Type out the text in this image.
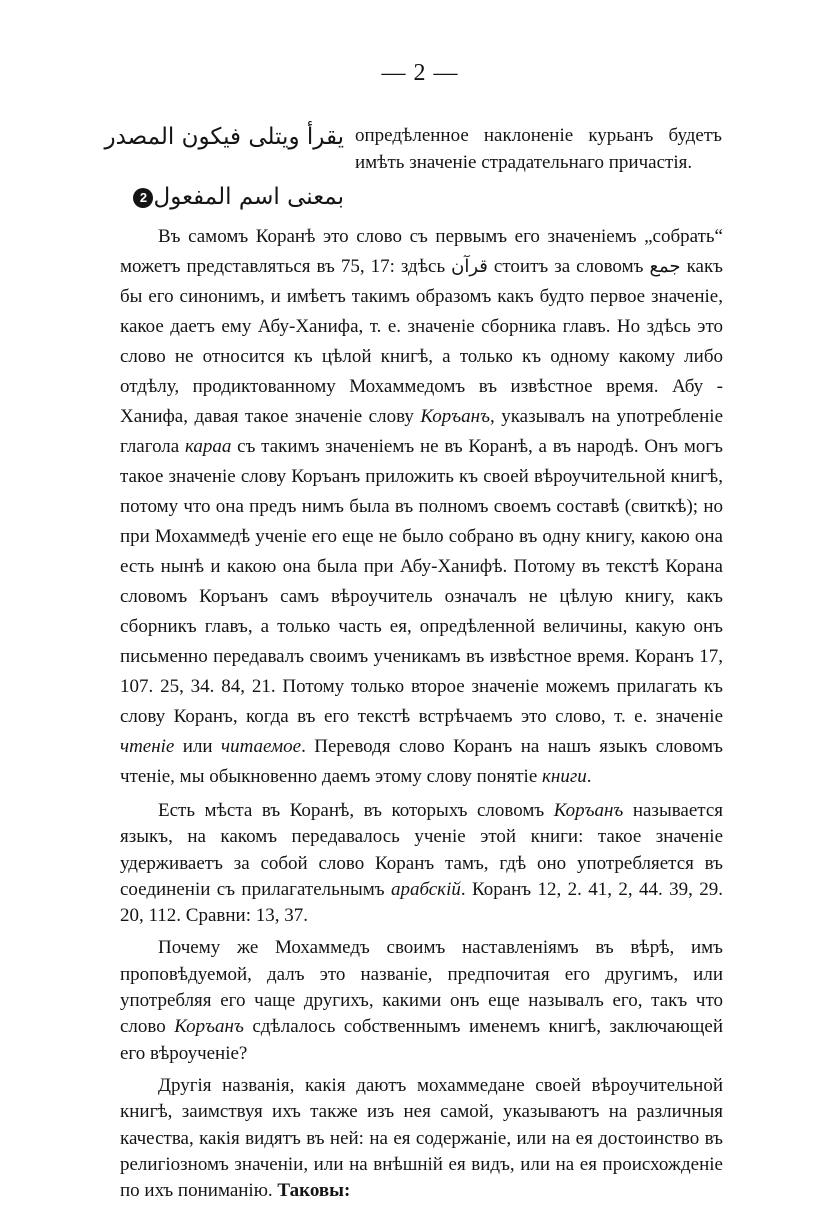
— 2 —
يقرأ ويتلى فيكون المصدر
بمعنى اسم المفعول2
опредѣленное наклоненіе курьанъ будетъ имѣть значеніе страдательнаго причастія.

Въ самомъ Коранѣ это слово съ первымъ его значеніемъ „собрать“ можетъ представляться въ 75, 17: здѣсь قرآن стоитъ за словомъ جمع какъ бы его синонимъ, и имѣетъ такимъ образомъ какъ будто первое значеніе, какое даетъ ему Абу-Ханифа, т. е. значеніе сборника главъ. Но здѣсь это слово не относится къ цѣлой книгѣ, а только къ одному какому либо отдѣлу, продиктованному Мохаммедомъ въ извѣстное время. Абу - Ханифа, давая такое значеніе слову Коръанъ, указывалъ на употребленіе глагола караа съ такимъ значеніемъ не въ Коранѣ, а въ народѣ. Онъ могъ такое значеніе слову Коръанъ приложить къ своей вѣроучительной книгѣ, потому что она предъ нимъ была въ полномъ своемъ составѣ (свиткѣ); но при Мохаммедѣ ученіе его еще не было собрано въ одну книгу, какою она есть нынѣ и какою она была при Абу-Ханифѣ. Потому въ текстѣ Корана словомъ Коръанъ самъ вѣроучитель означалъ не цѣлую книгу, какъ сборникъ главъ, а только часть ея, опредѣленной величины, какую онъ письменно передавалъ своимъ ученикамъ въ извѣстное время. Коранъ 17, 107. 25, 34. 84, 21. Потому только второе значеніе можемъ прилагать къ слову Коранъ, когда въ его текстѣ встрѣчаемъ это слово, т. е. значеніе чтеніе или читаемое. Переводя слово Коранъ на нашъ языкъ словомъ чтеніе, мы обыкновенно даемъ этому слову понятіе книги.

Есть мѣста въ Коранѣ, въ которыхъ словомъ Коръанъ называется языкъ, на какомъ передавалось ученіе этой книги: такое значеніе удерживаетъ за собой слово Коранъ тамъ, гдѣ оно употребляется въ соединеніи съ прилагательнымъ арабскій. Коранъ 12, 2. 41, 2, 44. 39, 29. 20, 112. Сравни: 13, 37.

Почему же Мохаммедъ своимъ наставленіямъ въ вѣрѣ, имъ проповѣдуемой, далъ это названіе, предпочитая его другимъ, или употребляя его чаще другихъ, какими онъ еще называлъ его, такъ что слово Коръанъ сдѣлалось собственнымъ именемъ книгѣ, заключающей его вѣроученіе?

Другія названія, какія даютъ мохаммедане своей вѣроучительной книгѣ, заимствуя ихъ также изъ нея самой, указываютъ на различныя качества, какія видятъ въ ней: на ея содержаніе, или на ея достоинство въ религіозномъ значеніи, или на внѣшній ея видъ, или на ея происхожденіе по ихъ пониманію. Таковы:
